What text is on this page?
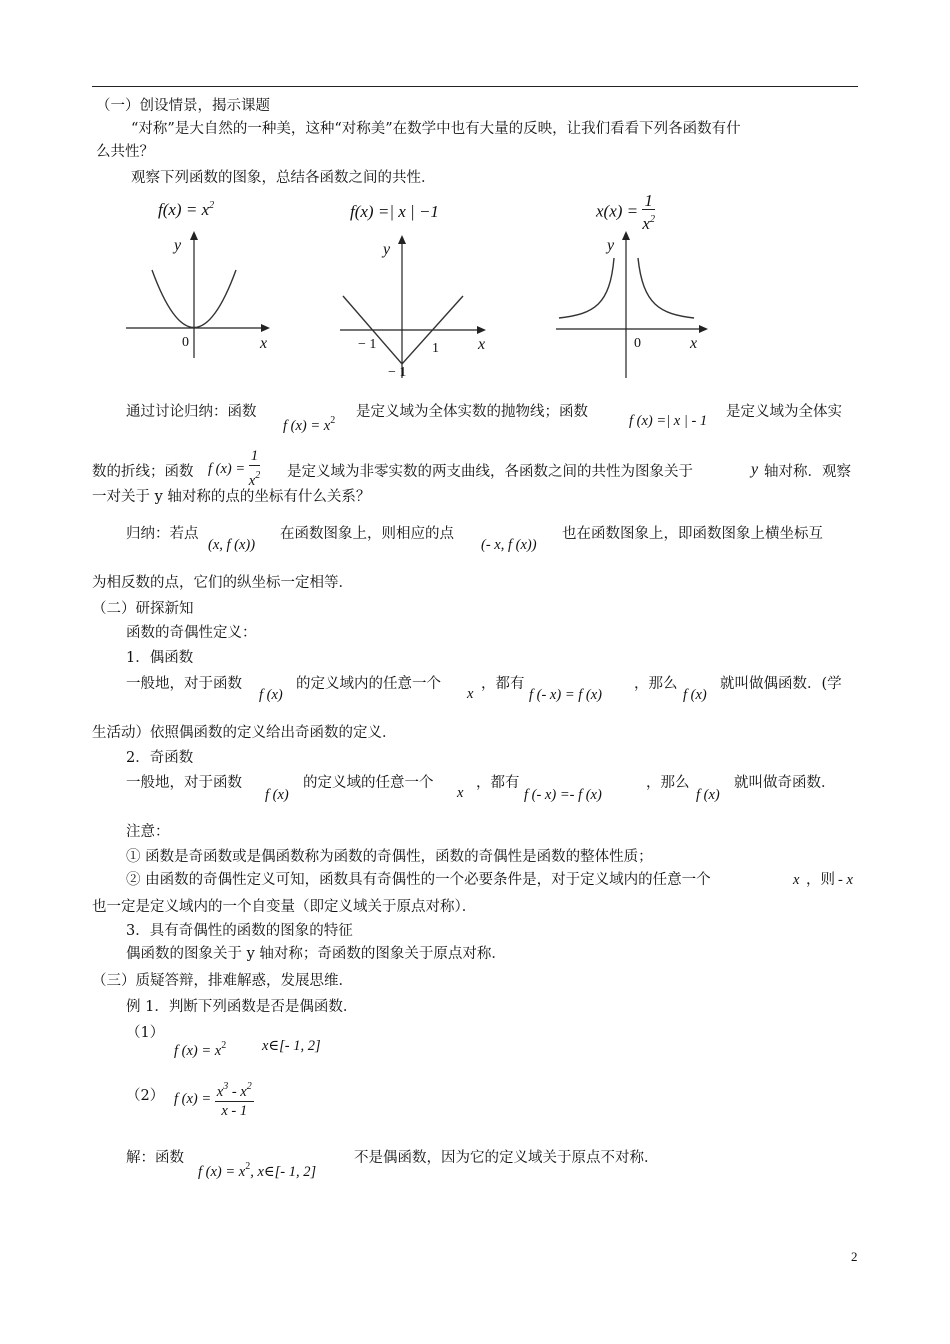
（一）创设情景，揭示课题
“对称”是大自然的一种美，这种“对称美”在数学中也有大量的反映，让我们看看下列各函数有什
么共性？
观察下列函数的图象，总结各函数之间的共性．
$f(x) = x^2$	f(x) =| x | −1	$x(x) = \frac{1}{x^2}$
y
x
0
y
x
− 1	1
− 1
y
x
0
通过讨论归纳：函数
f $(x) = x^2$
是定义域为全体实数的抛物线；函数
f (x) =| x | - 1
是定义域为全体实
数的折线；函数 f $(x) = \frac{1}{x^2}$ 是定义域为非零实数的两支曲线，各函数之间的共性为图象关于	y 轴对称．观察
一对关于 y 轴对称的点的坐标有什么关系？
归纳：若点
(x, f (x))
在函数图象上，则相应的点
(- x, f (x))
也在函数图象上，即函数图象上横坐标互
为相反数的点，它们的纵坐标一定相等．
（二）研探新知
函数的奇偶性定义：
1．偶函数
一般地，对于函数
f (x)
的定义域内的任意一个
x
，都有
f (- x) = f (x)
，那么
f (x)
就叫做偶函数．(学
生活动）依照偶函数的定义给出奇函数的定义．
2．奇函数
一般地，对于函数
f (x)
的定义域的任意一个
x
，都有
f (- x) =- f (x)
，那么
f (x)
就叫做奇函数．
注意：
① 函数是奇函数或是偶函数称为函数的奇偶性，函数的奇偶性是函数的整体性质；
② 由函数的奇偶性定义可知，函数具有奇偶性的一个必要条件是，对于定义域内的任意一个	x ，则 - x
也一定是定义域内的一个自变量（即定义域关于原点对称）．
3．具有奇偶性的函数的图象的特征
偶函数的图象关于 y 轴对称；奇函数的图象关于原点对称．
（三）质疑答辩，排难解惑，发展思维．
例 1．判断下列函数是否是偶函数．
（1）
f $(x) = x^2$ x∈[- 1, 2]
（2） f $(x) = \frac{x^3 - x^2}{x - 1}$
解：函数
f $(x) = x^2$, x∈[- 1, 2]
不是偶函数，因为它的定义域关于原点不对称．
2
